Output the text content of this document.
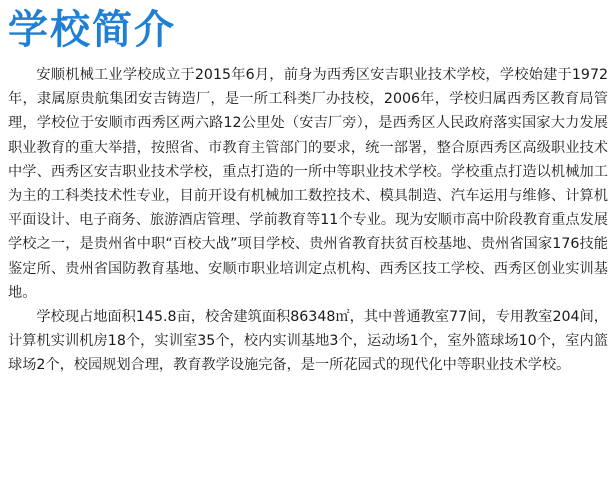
学校简介

安顺机械工业学校成立于2015年6月，前身为西秀区安吉职业技术学校，学校始建于1972年，隶属原贵航集团安吉铸造厂，是一所工科类厂办技校，2006年，学校归属西秀区教育局管理，学校位于安顺市西秀区两六路12公里处（安吉厂旁），是西秀区人民政府落实国家大力发展职业教育的重大举措，按照省、市教育主管部门的要求，统一部署，整合原西秀区高级职业技术中学、西秀区安吉职业技术学校，重点打造的一所中等职业技术学校。学校重点打造以机械加工为主的工科类技术性专业，目前开设有机械加工数控技术、模具制造、汽车运用与维修、计算机平面设计、电子商务、旅游酒店管理、学前教育等11个专业。现为安顺市高中阶段教育重点发展学校之一，是贵州省中职“百校大战”项目学校、贵州省教育扶贫百校基地、贵州省国家176技能鉴定所、贵州省国防教育基地、安顺市职业培训定点机构、西秀区技工学校、西秀区创业实训基地。

学校现占地面积145.8亩，校舍建筑面积86348㎡，其中普通教室77间，专用教室204间，计算机实训机房18个，实训室35个，校内实训基地3个，运动场1个，室外篮球场10个，室内篮球场2个，校园规划合理，教育教学设施完备，是一所花园式的现代化中等职业技术学校。
